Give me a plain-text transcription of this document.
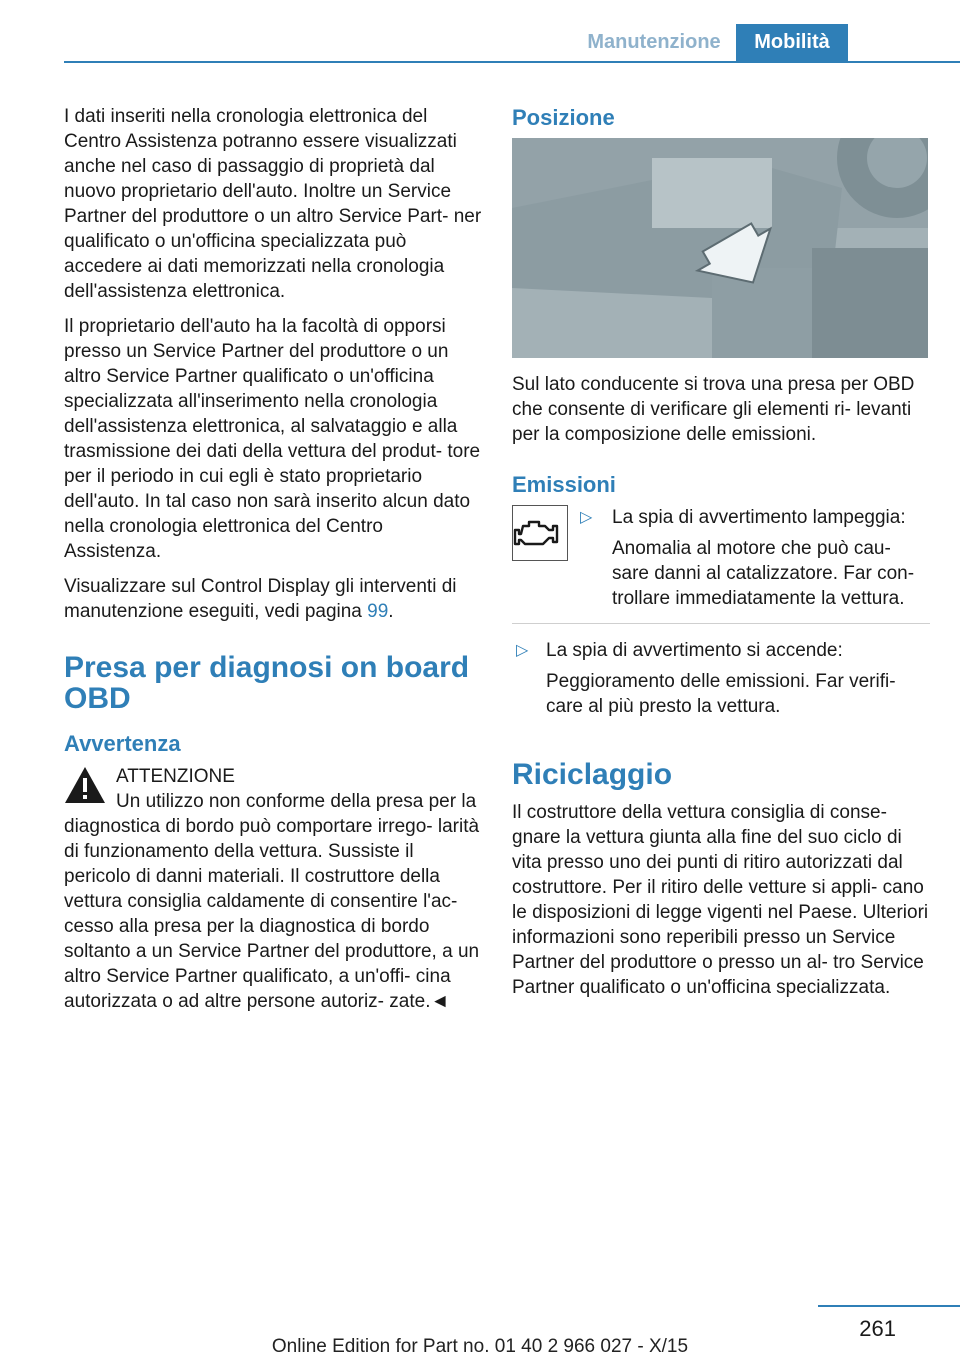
Manutenzione	Mobilità

I dati inseriti nella cronologia elettronica del Centro Assistenza potranno essere visualizzati anche nel caso di passaggio di proprietà dal nuovo proprietario dell'auto. Inoltre un Service Partner del produttore o un altro Service Part‐ ner qualificato o un'officina specializzata può accedere ai dati memorizzati nella cronologia dell'assistenza elettronica.

Il proprietario dell'auto ha la facoltà di opporsi presso un Service Partner del produttore o un altro Service Partner qualificato o un'officina specializzata all'inserimento nella cronologia dell'assistenza elettronica, al salvataggio e alla trasmissione dei dati della vettura del produt‐ tore per il periodo in cui egli è stato proprietario dell'auto. In tal caso non sarà inserito alcun dato nella cronologia elettronica del Centro Assistenza.

Visualizzare sul Control Display gli interventi di manutenzione eseguiti, vedi pagina 99.

Presa per diagnosi on board OBD
Avvertenza
ATTENZIONE
Un utilizzo non conforme della presa per la diagnostica di bordo può comportare irrego‐ larità di funzionamento della vettura. Sussiste il pericolo di danni materiali. Il costruttore della vettura consiglia caldamente di consentire l'ac‐ cesso alla presa per la diagnostica di bordo soltanto a un Service Partner del produttore, a un altro Service Partner qualificato, a un'offi‐ cina autorizzata o ad altre persone autoriz‐ zate.◄
Posizione

Sul lato conducente si trova una presa per OBD che consente di verificare gli elementi ri‐ levanti per la composizione delle emissioni.

Emissioni
▷ La spia di avvertimento lampeggia:
Anomalia al motore che può cau‐ sare danni al catalizzatore. Far con‐ trollare immediatamente la vettura.
▷ La spia di avvertimento si accende:
Peggioramento delle emissioni. Far verifi‐ care al più presto la vettura.
Riciclaggio

Il costruttore della vettura consiglia di conse‐ gnare la vettura giunta alla fine del suo ciclo di vita presso uno dei punti di ritiro autorizzati dal costruttore. Per il ritiro delle vetture si appli‐ cano le disposizioni di legge vigenti nel Paese. Ulteriori informazioni sono reperibili presso un Service Partner del produttore o presso un al‐ tro Service Partner qualificato o un'officina specializzata.

261
Online Edition for Part no. 01 40 2 966 027 - X/15
